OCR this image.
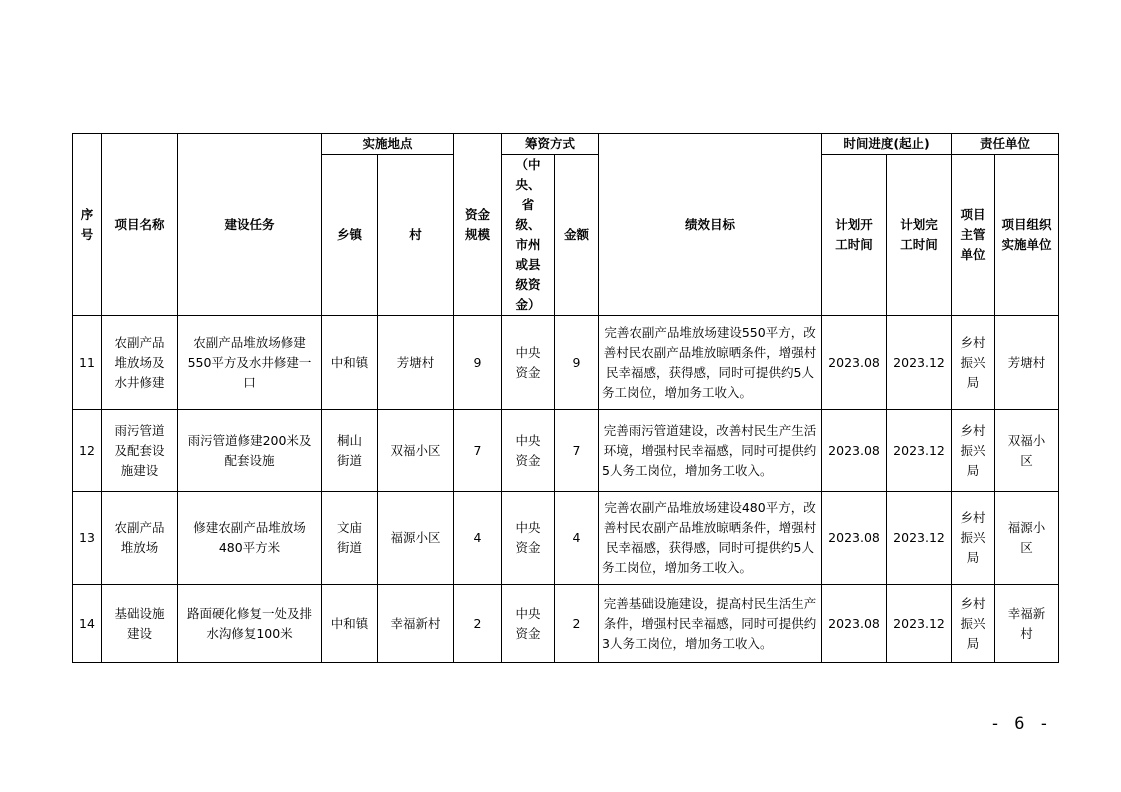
序号	项目名称	建设任务	实施地点		资金规模	筹资方式		绩效目标	时间进度(起止)		责任单位	
			乡镇	村		（中央、省级、市州或县级资金）	金额		计划开工时间	计划完工时间	项目主管单位	项目组织实施单位
11	农副产品堆放场及水井修建	农副产品堆放场修建550平方及水井修建一口	中和镇	芳塘村	9	中央资金	9	完善农副产品堆放场建设550平方，改善村民农副产品堆放晾晒条件，增强村民幸福感，获得感，同时可提供约5人务工岗位，增加务工收入。	2023.08	2023.12	乡村振兴局	芳塘村
12	雨污管道及配套设施建设	雨污管道修建200米及配套设施	桐山街道	双福小区	7	中央资金	7	完善雨污管道建设，改善村民生产生活环境，增强村民幸福感，同时可提供约5人务工岗位，增加务工收入。	2023.08	2023.12	乡村振兴局	双福小区
13	农副产品堆放场	修建农副产品堆放场480平方米	文庙街道	福源小区	4	中央资金	4	完善农副产品堆放场建设480平方，改善村民农副产品堆放晾晒条件，增强村民幸福感，获得感，同时可提供约5人务工岗位，增加务工收入。	2023.08	2023.12	乡村振兴局	福源小区
14	基础设施建设	路面硬化修复一处及排水沟修复100米	中和镇	幸福新村	2	中央资金	2	完善基础设施建设，提高村民生活生产条件，增强村民幸福感，同时可提供约3人务工岗位，增加务工收入。	2023.08	2023.12	乡村振兴局	幸福新村
- 6 -
